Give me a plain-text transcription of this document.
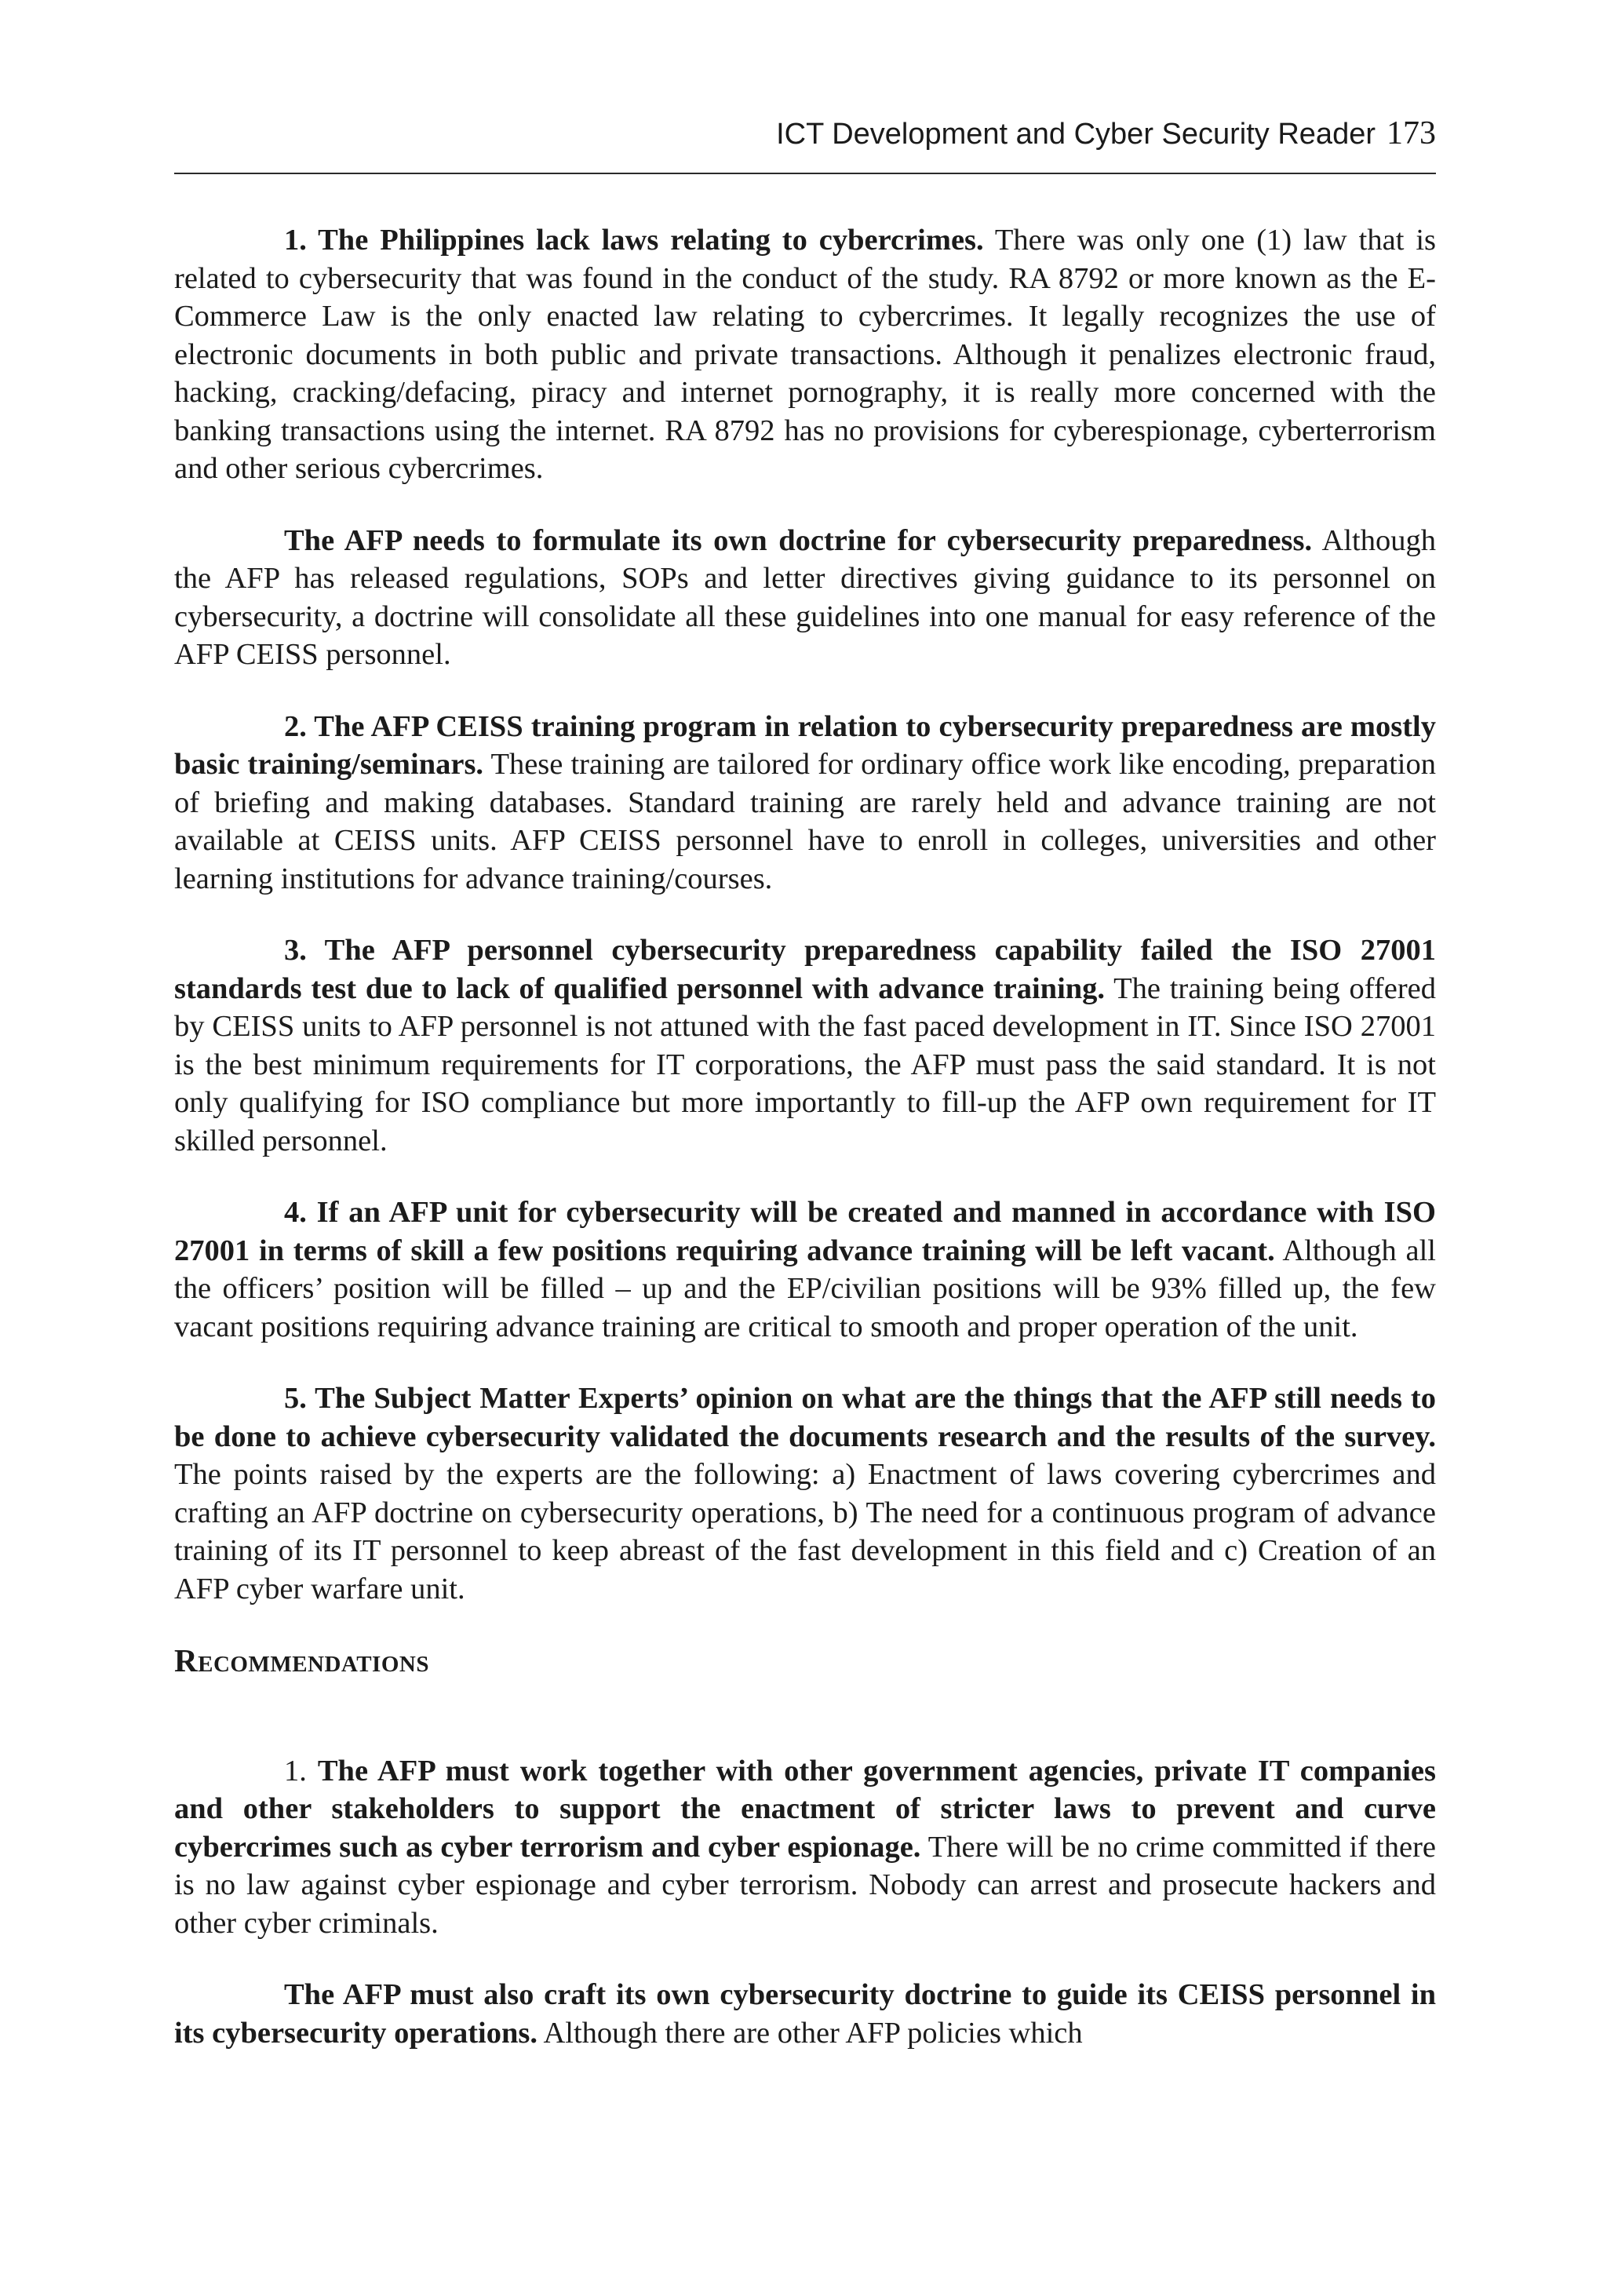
ICT Development and Cyber Security Reader 173

1. The Philippines lack laws relating to cybercrimes. There was only one (1) law that is related to cybersecurity that was found in the conduct of the study. RA 8792 or more known as the E-Commerce Law is the only enacted law relating to cybercrimes. It legally recognizes the use of electronic documents in both public and private transactions. Although it penalizes electronic fraud, hacking, cracking/defacing, piracy and internet pornography, it is really more concerned with the banking transactions using the internet. RA 8792 has no provisions for cyberespionage, cyberterrorism and other serious cybercrimes.

The AFP needs to formulate its own doctrine for cybersecurity preparedness. Although the AFP has released regulations, SOPs and letter directives giving guidance to its personnel on cybersecurity, a doctrine will consolidate all these guidelines into one manual for easy reference of the AFP CEISS personnel.

2. The AFP CEISS training program in relation to cybersecurity preparedness are mostly basic training/seminars. These training are tailored for ordinary office work like encoding, preparation of briefing and making databases. Standard training are rarely held and advance training are not available at CEISS units. AFP CEISS personnel have to enroll in colleges, universities and other learning institutions for advance training/courses.

3. The AFP personnel cybersecurity preparedness capability failed the ISO 27001 standards test due to lack of qualified personnel with advance training. The training being offered by CEISS units to AFP personnel is not attuned with the fast paced development in IT. Since ISO 27001 is the best minimum requirements for IT corporations, the AFP must pass the said standard. It is not only qualifying for ISO compliance but more importantly to fill-up the AFP own requirement for IT skilled personnel.

4. If an AFP unit for cybersecurity will be created and manned in accordance with ISO 27001 in terms of skill a few positions requiring advance training will be left vacant. Although all the officers’ position will be filled – up and the EP/civilian positions will be 93% filled up, the few vacant positions requiring advance training are critical to smooth and proper operation of the unit.

5. The Subject Matter Experts’ opinion on what are the things that the AFP still needs to be done to achieve cybersecurity validated the documents research and the results of the survey. The points raised by the experts are the following: a) Enactment of laws covering cybercrimes and crafting an AFP doctrine on cybersecurity operations, b) The need for a continuous program of advance training of its IT personnel to keep abreast of the fast development in this field and c) Creation of an AFP cyber warfare unit.

Recommendations

1. The AFP must work together with other government agencies, private IT companies and other stakeholders to support the enactment of stricter laws to prevent and curve cybercrimes such as cyber terrorism and cyber espionage. There will be no crime committed if there is no law against cyber espionage and cyber terrorism. Nobody can arrest and prosecute hackers and other cyber criminals.

The AFP must also craft its own cybersecurity doctrine to guide its CEISS personnel in its cybersecurity operations. Although there are other AFP policies which
